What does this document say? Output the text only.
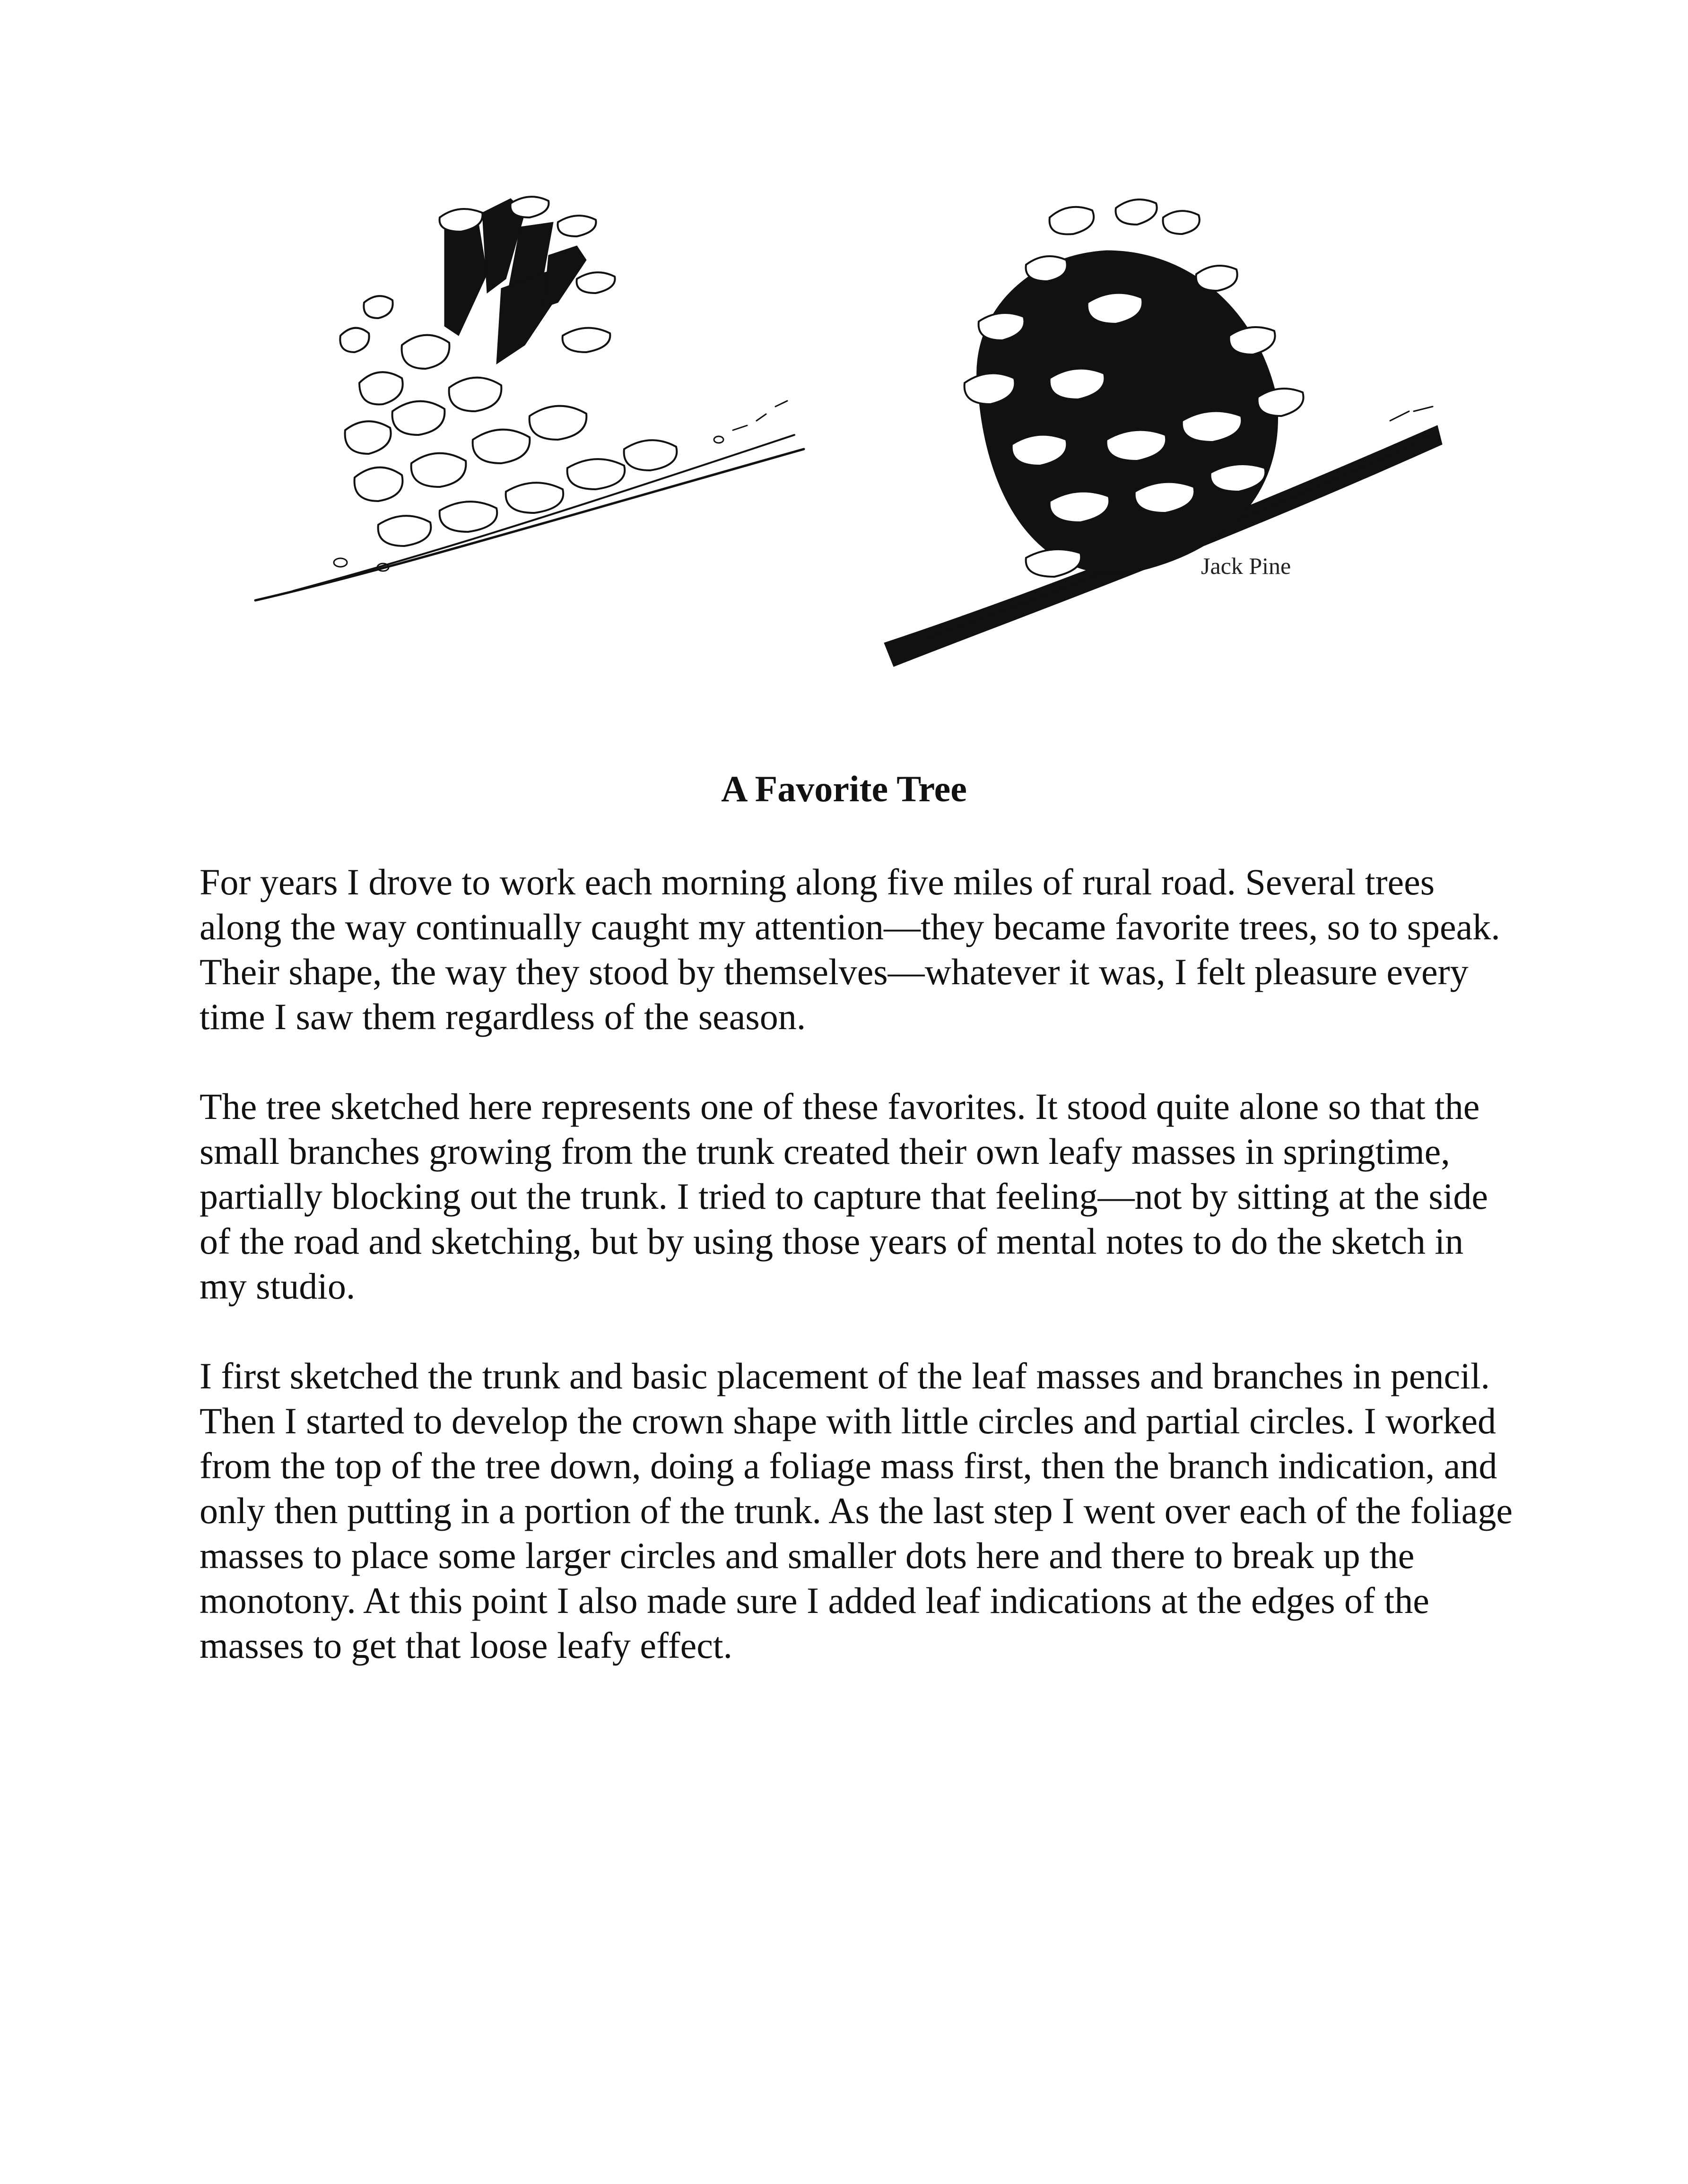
Jack Pine
A Favorite Tree

For years I drove to work each morning along five miles of rural road. Several trees along the way continually caught my attention—they became favorite trees, so to speak. Their shape, the way they stood by themselves—whatever it was, I felt pleasure every time I saw them regardless of the season.

The tree sketched here represents one of these favorites. It stood quite alone so that the small branches growing from the trunk created their own leafy masses in springtime, partially blocking out the trunk. I tried to capture that feeling—not by sitting at the side of the road and sketching, but by using those years of mental notes to do the sketch in my studio.

I first sketched the trunk and basic placement of the leaf masses and branches in pencil. Then I started to develop the crown shape with little circles and partial circles. I worked from the top of the tree down, doing a foliage mass first, then the branch indication, and only then putting in a portion of the trunk. As the last step I went over each of the foliage masses to place some larger circles and smaller dots here and there to break up the monotony. At this point I also made sure I added leaf indications at the edges of the masses to get that loose leafy effect.
